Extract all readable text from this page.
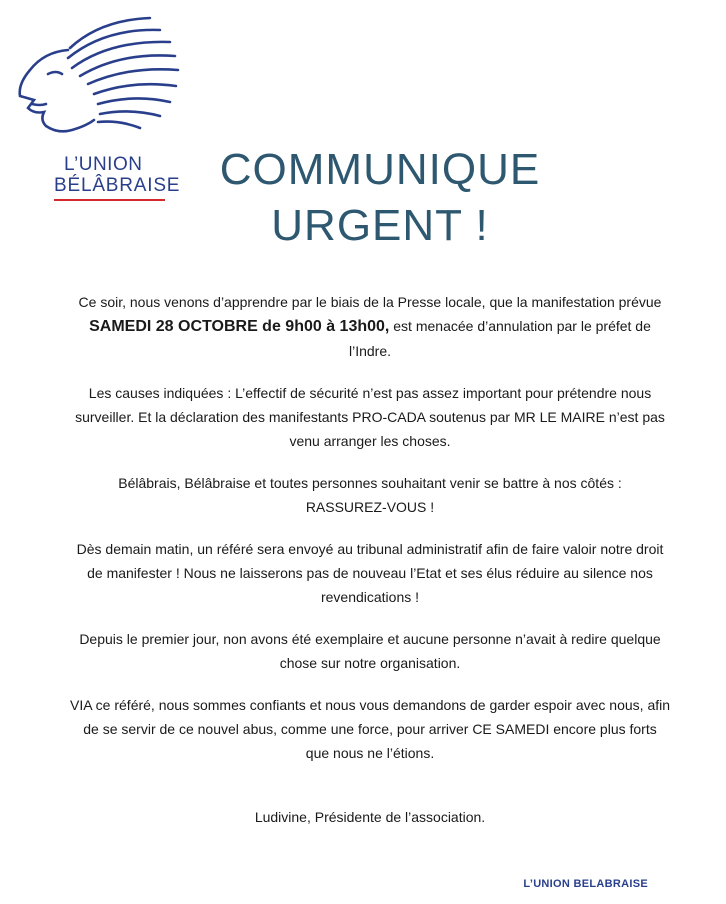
L’UNION
BÉLÂBRAISE COMMUNIQUE
URGENT !

Ce soir, nous venons d’apprendre par le biais de la Presse locale, que la manifestation prévue SAMEDI 28 OCTOBRE de 9h00 à 13h00, est menacée d’annulation par le préfet de l’Indre.

Les causes indiquées : L’effectif de sécurité n’est pas assez important pour prétendre nous surveiller. Et la déclaration des manifestants PRO-CADA soutenus par MR LE MAIRE n’est pas venu arranger les choses.

Bélâbrais, Bélâbraise et toutes personnes souhaitant venir se battre à nos côtés :
RASSUREZ-VOUS !

Dès demain matin, un référé sera envoyé au tribunal administratif afin de faire valoir notre droit de manifester ! Nous ne laisserons pas de nouveau l’Etat et ses élus réduire au silence nos revendications !

Depuis le premier jour, non avons été exemplaire et aucune personne n’avait à redire quelque chose sur notre organisation.

VIA ce référé, nous sommes confiants et nous vous demandons de garder espoir avec nous, afin de se servir de ce nouvel abus, comme une force, pour arriver CE SAMEDI encore plus forts que nous ne l’étions.

Ludivine, Présidente de l’association.
L’UNION BELABRAISE
